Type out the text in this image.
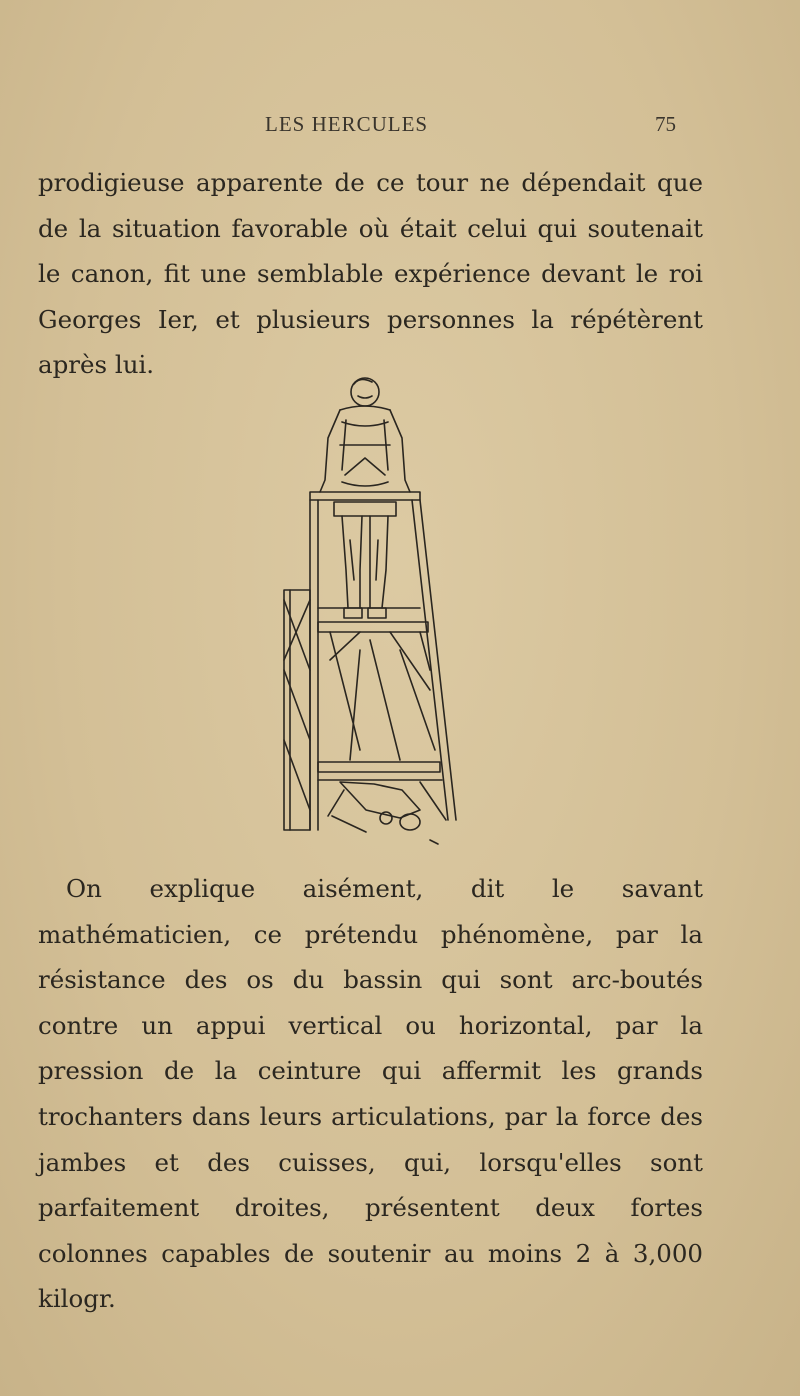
LES HERCULES	75

prodigieuse apparente de ce tour ne dépendait que de la situation favorable où était celui qui soutenait le canon, fit une semblable expérience devant le roi Georges Ier, et plusieurs personnes la répétèrent après lui.

On explique aisément, dit le savant mathématicien, ce prétendu phénomène, par la résistance des os du bassin qui sont arc-boutés contre un appui vertical ou horizontal, par la pression de la ceinture qui affermit les grands trochanters dans leurs articulations, par la force des jambes et des cuisses, qui, lorsqu'elles sont parfaitement droites, présentent deux fortes colonnes capables de soutenir au moins 2 à 3,000 kilogr.
